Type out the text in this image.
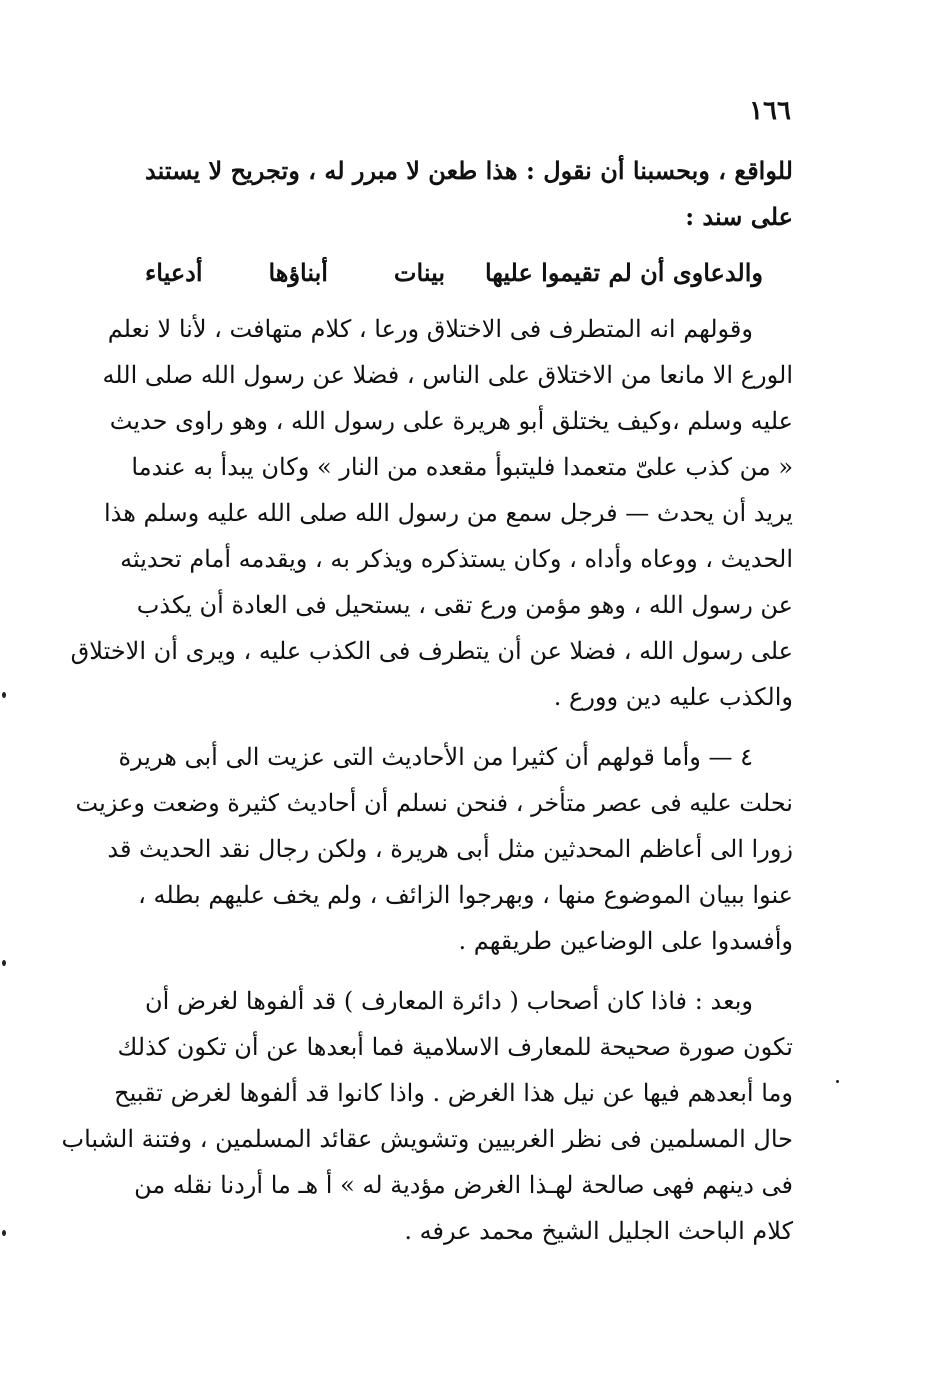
١٦٦
للواقع ، وبحسبنا أن نقول : هذا طعن لا مبرر له ، وتجريح لا يستند
على سند :
والدعاوى أن لم تقيموا عليها
بينات أبناؤها أدعياء
وقولهم انه المتطرف فى الاختلاق ورعا ، كلام متهافت ، لأنا لا نعلم
الورع الا مانعا من الاختلاق على الناس ، فضلا عن رسول الله صلى الله
عليه وسلم ،وكيف يختلق أبو هريرة على رسول الله ، وهو راوى حديث
« من كذب علىّ متعمدا فليتبوأ مقعده من النار » وكان يبدأ به عندما
يريد أن يحدث — فرجل سمع من رسول الله صلى الله عليه وسلم هذا
الحديث ، ووعاه وأداه ، وكان يستذكره ويذكر به ، ويقدمه أمام تحديثه
عن رسول الله ، وهو مؤمن ورع تقى ، يستحيل فى العادة أن يكذب
على رسول الله ، فضلا عن أن يتطرف فى الكذب عليه ، ويرى أن الاختلاق
والكذب عليه دين وورع .
٤ — وأما قولهم أن كثيرا من الأحاديث التى عزيت الى أبى هريرة
نحلت عليه فى عصر متأخر ، فنحن نسلم أن أحاديث كثيرة وضعت وعزيت
زورا الى أعاظم المحدثين مثل أبى هريرة ، ولكن رجال نقد الحديث قد
عنوا ببيان الموضوع منها ، وبهرجوا الزائف ، ولم يخف عليهم بطله ،
وأفسدوا على الوضاعين طريقهم .
وبعد : فاذا كان أصحاب ( دائرة المعارف ) قد ألفوها لغرض أن
تكون صورة صحيحة للمعارف الاسلامية فما أبعدها عن أن تكون كذلك
وما أبعدهم فيها عن نيل هذا الغرض . واذا كانوا قد ألفوها لغرض تقبيح
حال المسلمين فى نظر الغربيين وتشويش عقائد المسلمين ، وفتنة الشباب
فى دينهم فهى صالحة لهـذا الغرض مؤدية له » أ هـ ما أردنا نقله من
كلام الباحث الجليل الشيخ محمد عرفه .
